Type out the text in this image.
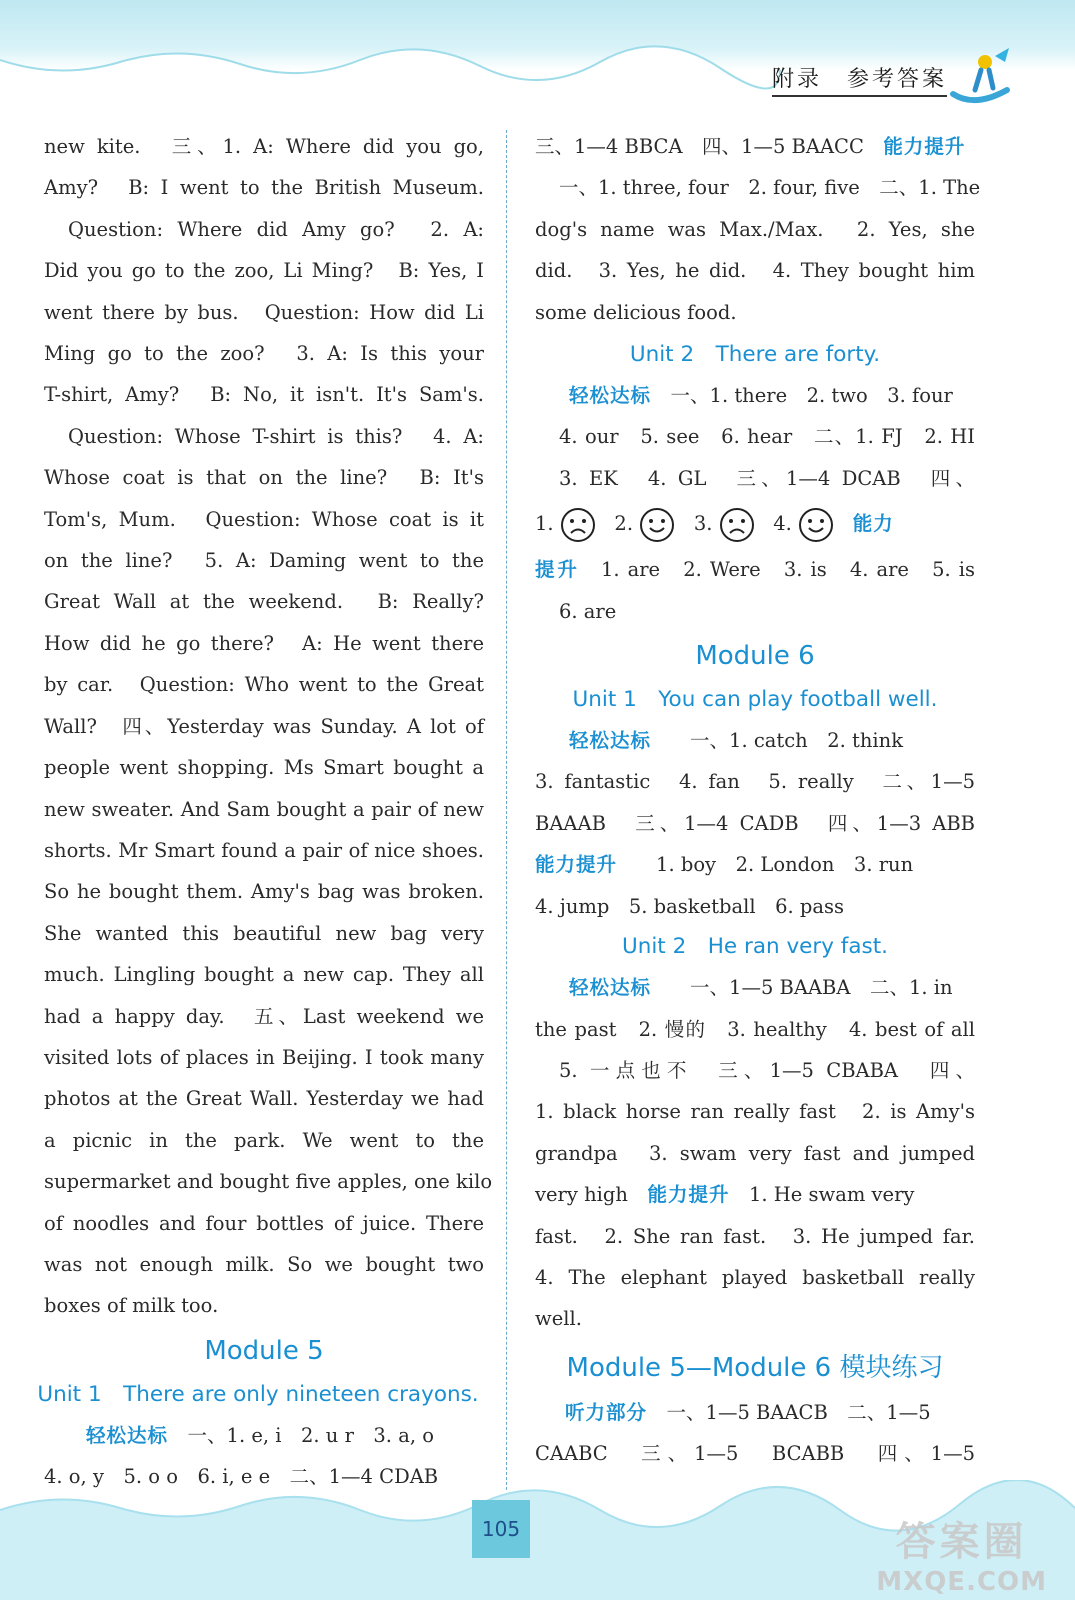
附录　参考答案
new kite.　三、1. A: Where did you go,
Amy?　B: I went to the British Museum.
Question: Where did Amy go?　2. A:
Did you go to the zoo, Li Ming?　B: Yes, I
went there by bus.　Question: How did Li
Ming go to the zoo?　3. A: Is this your
T-shirt, Amy?　B: No, it isn't. It's Sam's.
Question: Whose T-shirt is this?　4. A:
Whose coat is that on the line?　B: It's
Tom's, Mum.　Question: Whose coat is it
on the line?　5. A: Daming went to the
Great Wall at the weekend.　B: Really?
How did he go there?　A: He went there
by car.　Question: Who went to the Great
Wall?　四、Yesterday was Sunday. A lot of
people went shopping. Ms Smart bought a
new sweater. And Sam bought a pair of new
shorts. Mr Smart found a pair of nice shoes.
So he bought them. Amy's bag was broken.
She wanted this beautiful new bag very
much. Lingling bought a new cap. They all
had a happy day.　五、Last weekend we
visited lots of places in Beijing. I took many
photos at the Great Wall. Yesterday we had
a picnic in the park. We went to the
supermarket and bought five apples, one kilo
of noodles and four bottles of juice. There
was not enough milk. So we bought two
boxes of milk too.
Module 5
Unit 1　There are only nineteen crayons.
轻松达标　 一、1. e, i　2. u r　3. a, o
4. o, y　5. o o　6. i, e e　二、1—4 CDAB
三、1—4 BBCA　四、1—5 BAACC　 能力提升
一、1. three, four　2. four, five　二、1. The
dog's name was Max./Max.　2. Yes, she
did.　3. Yes, he did.　4. They bought him
some delicious food.
Unit 2　There are forty.
轻松达标　 一、1. there　2. two　3. four
4. our　5. see　6. hear　二、1. FJ　2. HI
3. EK　4. GL　三、1—4 DCAB　四、
1.	2.	3.	4.	能力
提升　 1. are　2. Were　3. is　4. are　5. is
6. are
Module 6
Unit 1　You can play football well.
轻松达标　　 一、1. catch　2. think
3. fantastic　4. fan　5. really　二、1—5
BAAAB　三、1—4 CADB　四、1—3 ABB
能力提升　　 1. boy　2. London　3. run
4. jump　5. basketball　6. pass
Unit 2　He ran very fast.
轻松达标　　 一、1—5 BAABA　二、1. in
the past　2. 慢的　3. healthy　4. best of all
5. 一点也不　三、1—5 CBABA　四、
1. black horse ran really fast　2. is Amy's
grandpa　3. swam very fast and jumped
very high　 能力提升　 1. He swam very
fast.　2. She ran fast.　3. He jumped far.
4. The elephant played basketball really
well.
Module 5—Module 6 模块练习
听力部分　 一、1—5 BAACB　二、1—5
CAABC　三、1—5　BCABB　四、1—5
105	答案圈
MXQE.COM
